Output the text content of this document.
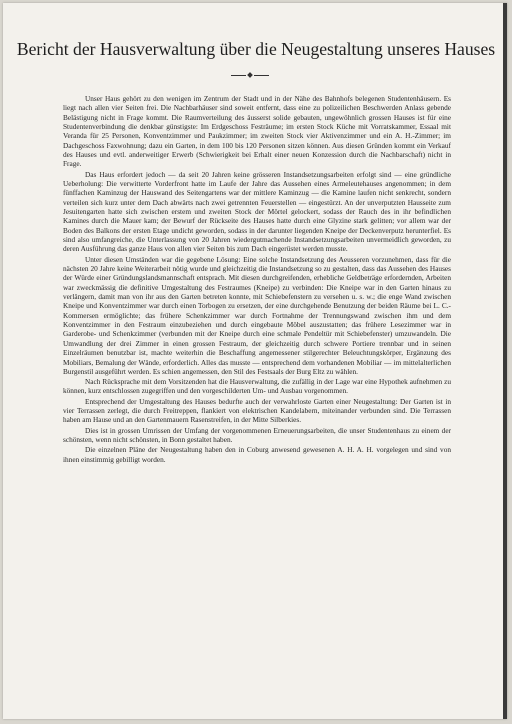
Bericht der Hausverwaltung über die Neugestaltung unseres Hauses

Unser Haus gehört zu den wenigen im Zentrum der Stadt und in der Nähe des Bahnhofs belegenen Studentenhäusern. Es liegt nach allen vier Seiten frei. Die Nachbarhäuser sind soweit entfernt, dass eine zu polizeilichen Beschwerden Anlass gebende Belästigung nicht in Frage kommt. Die Raumverteilung des äusserst solide gebauten, ungewöhnlich grossen Hauses ist für eine Studentenverbindung die denkbar günstigste: Im Erdgeschoss Festräume; im ersten Stock Küche mit Vorratskammer, Essaal mit Veranda für 25 Personen, Konventzimmer und Paukzimmer; im zweiten Stock vier Aktivenzimmer und ein A. H.-Zimmer; im Dachgeschoss Faxwohnung; dazu ein Garten, in dem 100 bis 120 Personen sitzen können. Aus diesen Gründen kommt ein Verkauf des Hauses und evtl. anderweitiger Erwerb (Schwierigkeit bei Erhalt einer neuen Konzession durch die Nachbarschaft) nicht in Frage.

Das Haus erfordert jedoch — da seit 20 Jahren keine grösseren Instandsetzungsarbeiten erfolgt sind — eine gründliche Ueberholung: Die verwitterte Vorderfront hatte im Laufe der Jahre das Aussehen eines Armeleutehauses angenommen; in dem fünffachen Kaminzug der Hauswand des Seitengartens war der mittlere Kaminzug — die Kamine laufen nicht senkrecht, sondern verteilen sich kurz unter dem Dach abwärts nach zwei getrennten Feuerstellen — eingestürzt. An der unverputzten Hausseite zum Jesuitengarten hatte sich zwischen erstem und zweiten Stock der Mörtel gelockert, sodass der Rauch des in ihr befindlichen Kamines durch die Mauer kam; der Bewurf der Rückseite des Hauses hatte durch eine Glyzine stark gelitten; vor allem war der Boden des Balkons der ersten Etage undicht geworden, sodass in der darunter liegenden Kneipe der Deckenverputz herunterfiel. Es sind also umfangreiche, die Unterlassung von 20 Jahren wiedergutmachende Instandsetzungsarbeiten unvermeidlich geworden, zu deren Ausführung das ganze Haus von allen vier Seiten bis zum Dach eingerüstet werden musste.

Unter diesen Umständen war die gegebene Lösung: Eine solche Instandsetzung des Aeusseren vorzunehmen, dass für die nächsten 20 Jahre keine Weiterarbeit nötig wurde und gleichzeitig die Instandsetzung so zu gestalten, dass das Aussehen des Hauses der Würde einer Gründungslandsmannschaft entsprach. Mit diesen durchgreifenden, erhebliche Geldbeträge erfordernden, Arbeiten war zweckmässig die definitive Umgestaltung des Festraumes (Kneipe) zu verbinden: Die Kneipe war in den Garten hinaus zu verlängern, damit man von ihr aus den Garten betreten konnte, mit Schiebefenstern zu versehen u. s. w.; die enge Wand zwischen Kneipe und Konventzimmer war durch einen Torbogen zu ersetzen, der eine durchgehende Benutzung der beiden Räume bei L. C.-Kommersen ermöglichte; das frühere Schenkzimmer war durch Fortnahme der Trennungswand zwischen ihm und dem Konventzimmer in den Festraum einzubeziehen und durch eingebaute Möbel auszustatten; das frühere Lesezimmer war in Garderobe- und Schenkzimmer (verbunden mit der Kneipe durch eine schmale Pendeltür mit Schiebefenster) umzuwandeln. Die Umwandlung der drei Zimmer in einen grossen Festraum, der gleichzeitig durch schwere Portiere trennbar und in seinen Einzelräumen benutzbar ist, machte weiterhin die Beschaffung angemessener stilgerechter Beleuchtungskörper, Ergänzung des Mobiliars, Bemalung der Wände, erforderlich. Alles das musste — entsprechend dem vorhandenen Mobiliar — im mittelalterlichen Burgenstil ausgeführt werden. Es schien angemessen, den Stil des Festsaals der Burg Eltz zu wählen.

Nach Rücksprache mit dem Vorsitzenden hat die Hausverwaltung, die zufällig in der Lage war eine Hypothek aufnehmen zu können, kurz entschlossen zugegriffen und den vorgeschilderten Um- und Ausbau vorgenommen.

Entsprechend der Umgestaltung des Hauses bedurfte auch der verwahrloste Garten einer Neugestaltung: Der Garten ist in vier Terrassen zerlegt, die durch Freitreppen, flankiert von elektrischen Kandelabern, miteinander verbunden sind. Die Terrassen haben am Hause und an den Gartenmauern Rasenstreifen, in der Mitte Silberkies.

Dies ist in grossen Umrissen der Umfang der vorgenommenen Erneuerungsarbeiten, die unser Studentenhaus zu einem der schönsten, wenn nicht schönsten, in Bonn gestaltet haben.

Die einzelnen Pläne der Neugestaltung haben den in Coburg anwesend gewesenen A. H. A. H. vorgelegen und sind von ihnen einstimmig gebilligt worden.
